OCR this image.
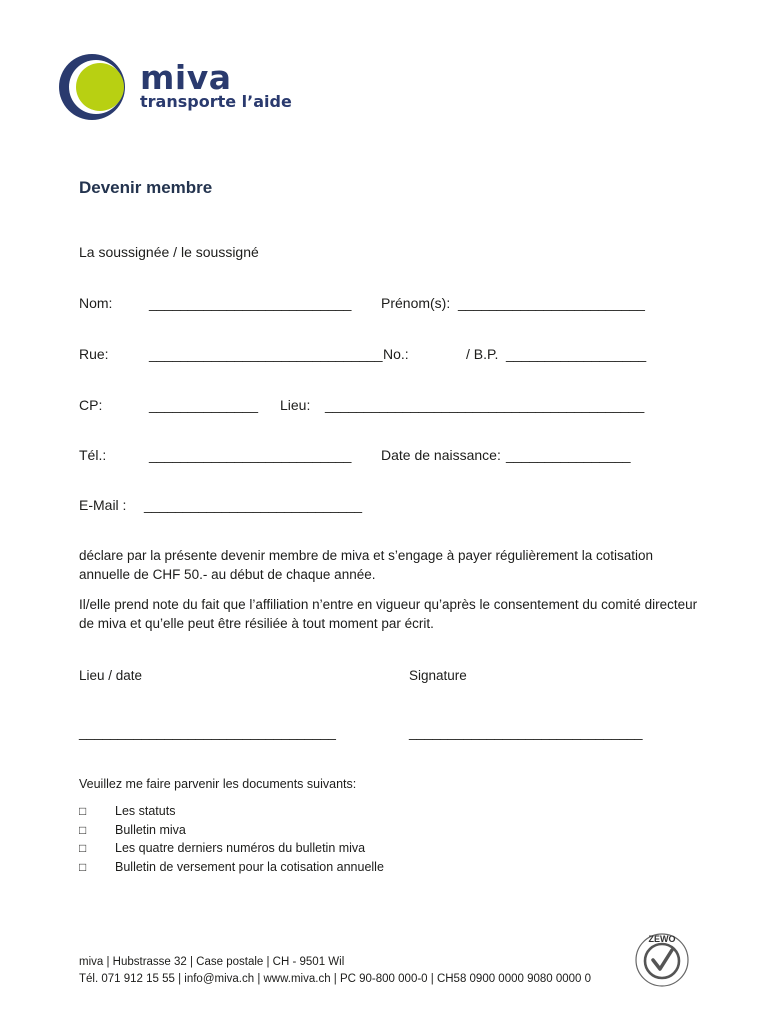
miva
transporte l’aide
Devenir membre
La soussignée / le soussigné
Nom:	__________________________ Prénom(s): ________________________
Rue:	______________________________ No.:	/ B.P. __________________
CP:	______________ Lieu: _________________________________________
Tél.:	__________________________ Date de naissance: ________________
E-Mail : ____________________________
déclare par la présente devenir membre de miva et s’engage à payer régulièrement la cotisation annuelle de CHF 50.- au début de chaque année.
Il/elle prend note du fait que l’affiliation n’entre en vigueur qu’après le consentement du comité directeur de miva et qu’elle peut être résiliée à tout moment par écrit.
Lieu / date	Signature
_________________________________	______________________________
Veuillez me faire parvenir les documents suivants:
□ Les statuts
□ Bulletin miva
□ Les quatre derniers numéros du bulletin miva
□ Bulletin de versement pour la cotisation annuelle
miva | Hubstrasse 32 | Case postale | CH - 9501 Wil
Tél. 071 912 15 55 | info@miva.ch | www.miva.ch | PC 90-800 000-0 | CH58 0900 0000 9080 0000 0
ZEWO
